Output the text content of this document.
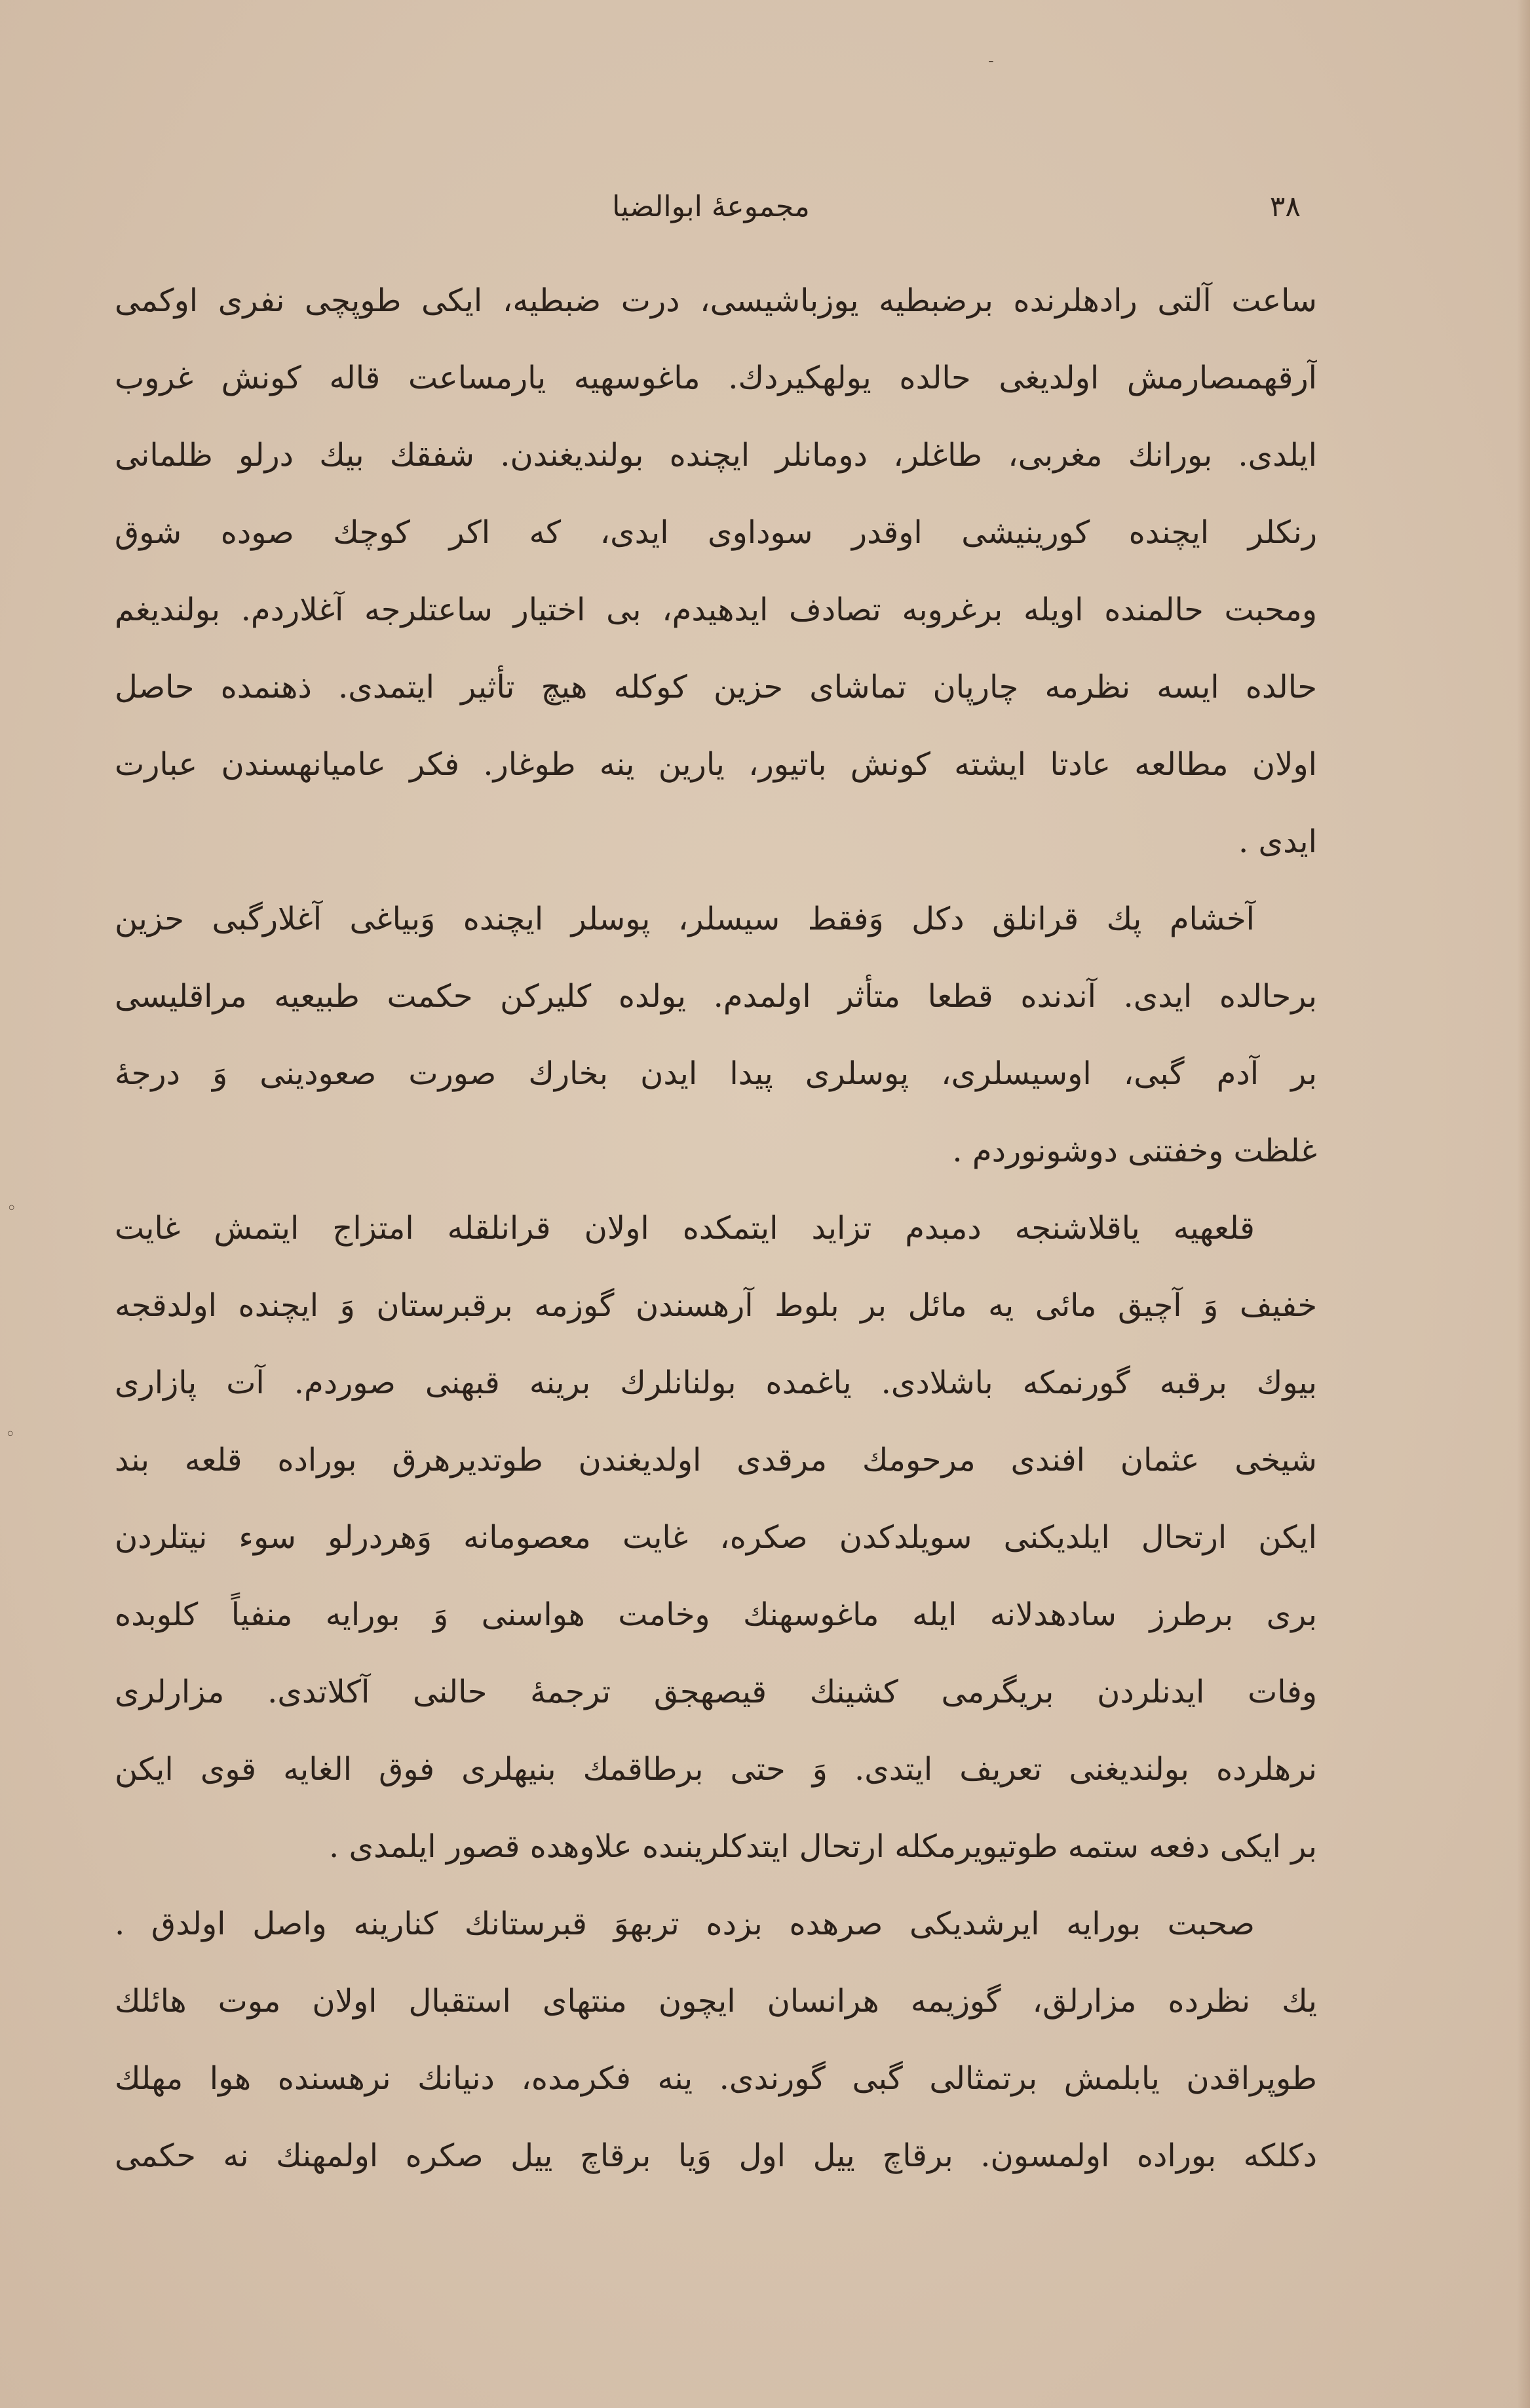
-
◦
◦
٣٨
مجموعهٔ ابوالضيا
ساعت آلتى رادهلرنده برضبطيه يوزباشيسى، درت ضبطيه، ايكى طوپچى نفرى اوكمى
آرقهمىصارمش اولديغى حالده يولهكيردك. ماغوسهيه يارمساعت قاله كونش غروب
ايلدى. بورانك مغربى، طاغلر، دومانلر ايچنده بولنديغندن. شفقك بيك درلو ظلمانى
رنكلر ايچنده كورينيشى اوقدر سوداوى ايدى، كه اكر كوچك صوده شوق
ومحبت حالمنده اويله برغروبه تصادف ايدهيدم، بى اختيار ساعتلرجه آغلاردم. بولنديغم
حالده ايسه نظرمه چارپان تماشاى حزين كوكله هيچ تأثير ايتمدى. ذهنمده حاصل
اولان مطالعه عادتا ايشته كونش باتيور، يارين ينه طوغار. فكر عاميانهسندن عبارت
ايدى .
آخشام پك قرانلق دكل وَفقط سيسلر، پوسلر ايچنده وَبياغى آغلارگبى حزين
برحالده ايدى. آندنده قطعا متأثر اولمدم. يولده كليركن حكمت طبيعيه مراقليسى
بر آدم گبى، اوسيسلرى، پوسلرى پيدا ايدن بخارك صورت صعودينى وَ درجهٔ
غلظت وخفتنى دوشونوردم .
قلعهيه ياقلاشنجه دمبدم تزايد ايتمكده اولان قرانلقله امتزاج ايتمش غايت
خفيف وَ آچيق مائى يه مائل بر بلوط آرهسندن گوزمه برقبرستان وَ ايچنده اولدقجه
بيوك برقبه گورنمكه باشلادى. ياغمده بولنانلرك برينه قبهنى صوردم. آت پازارى
شيخى عثمان افندى مرحومك مرقدى اولديغندن طوتديرهرق بوراده قلعه بند
ايكن ارتحال ايلديكنى سويلدكدن صكره، غايت معصومانه وَهردرلو سوء نيتلردن
برى برطرز سادهدلانه ايله ماغوسهنك وخامت هواسنى وَ بورايه منفياً كلوبده
وفات ايدنلردن بريگرمى كشينك قيصهجق ترجمهٔ حالنى آكلاتدى. مزارلرى
نرهلرده بولنديغنى تعريف ايتدى. وَ حتى برطاقمك بنيهلرى فوق الغايه قوى ايكن
بر ايكى دفعه ستمه طوتيويرمكله ارتحال ايتدكلرينىده علاوهده قصور ايلمدى .
صحبت بورايه ايرشديكى صرهده بزده تربهوَ قبرستانك كنارينه واصل اولدق .
يك نظرده مزارلق، گوزيمه هرانسان ايچون منتهاى استقبال اولان موت هائلك
طوپراقدن يابلمش برتمثالى گبى گورندى. ينه فكرمده، دنيانك نرهسنده هوا مهلك
دكلكه بوراده اولمسون. برقاچ ييل اول وَيا برقاچ ييل صكره اولمهنك نه حكمى
